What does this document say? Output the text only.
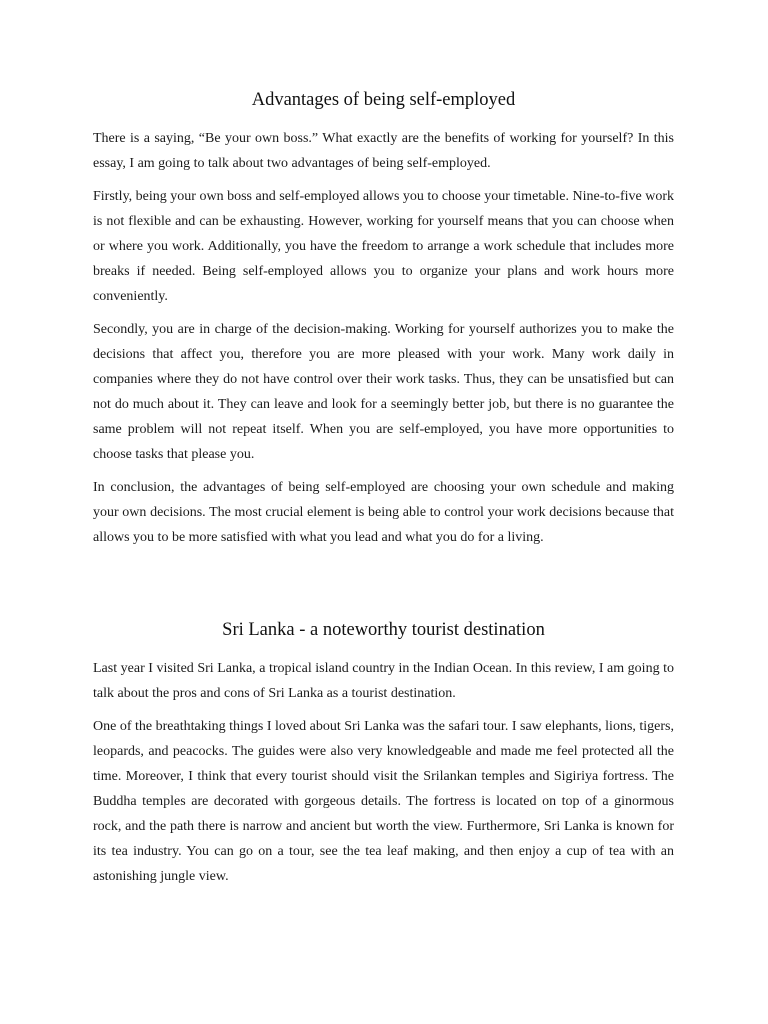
Advantages of being self-employed

There is a saying, “Be your own boss.” What exactly are the benefits of working for yourself? In this essay, I am going to talk about two advantages of being self-employed.

Firstly, being your own boss and self-employed allows you to choose your timetable. Nine-to-five work is not flexible and can be exhausting. However, working for yourself means that you can choose when or where you work. Additionally, you have the freedom to arrange a work schedule that includes more breaks if needed. Being self-employed allows you to organize your plans and work hours more conveniently.

Secondly, you are in charge of the decision-making. Working for yourself authorizes you to make the decisions that affect you, therefore you are more pleased with your work. Many work daily in companies where they do not have control over their work tasks. Thus, they can be unsatisfied but can not do much about it. They can leave and look for a seemingly better job, but there is no guarantee the same problem will not repeat itself. When you are self-employed, you have more opportunities to choose tasks that please you.

In conclusion, the advantages of being self-employed are choosing your own schedule and making your own decisions. The most crucial element is being able to control your work decisions because that allows you to be more satisfied with what you lead and what you do for a living.

Sri Lanka - a noteworthy tourist destination

Last year I visited Sri Lanka, a tropical island country in the Indian Ocean. In this review, I am going to talk about the pros and cons of Sri Lanka as a tourist destination.

One of the breathtaking things I loved about Sri Lanka was the safari tour. I saw elephants, lions, tigers, leopards, and peacocks. The guides were also very knowledgeable and made me feel protected all the time. Moreover, I think that every tourist should visit the Srilankan temples and Sigiriya fortress. The Buddha temples are decorated with gorgeous details. The fortress is located on top of a ginormous rock, and the path there is narrow and ancient but worth the view. Furthermore, Sri Lanka is known for its tea industry. You can go on a tour, see the tea leaf making, and then enjoy a cup of tea with an astonishing jungle view.
